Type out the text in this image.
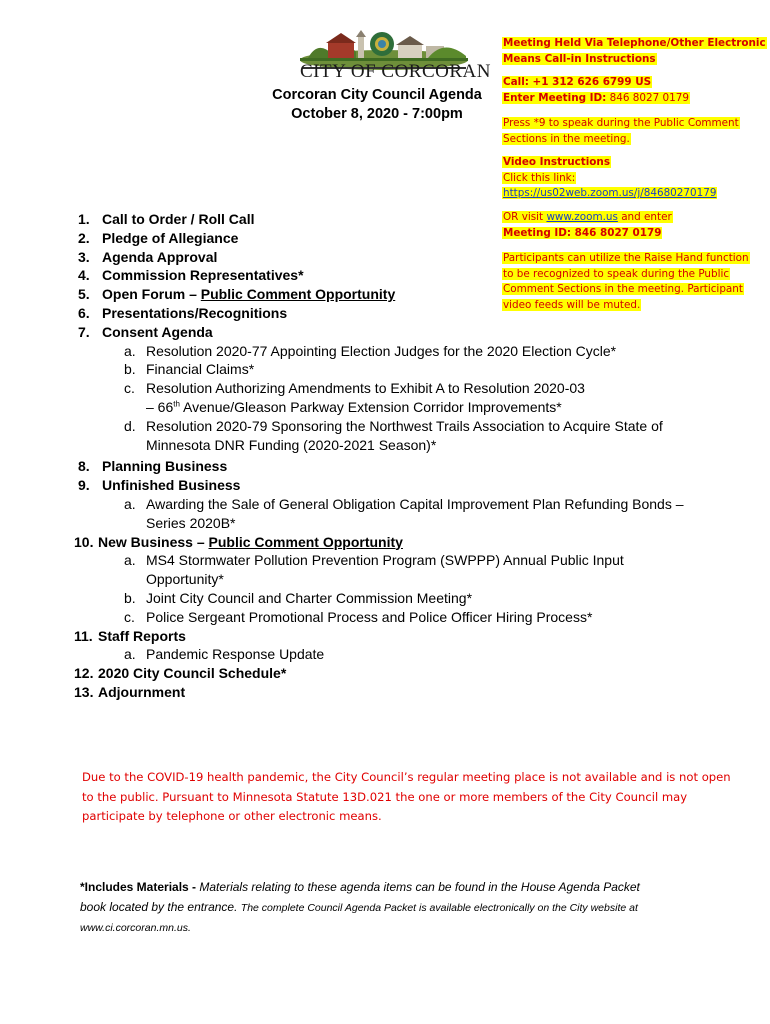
CITY OF CORCORAN
Corcoran City Council Agenda
October 8, 2020 - 7:00pm
Meeting Held Via Telephone/Other Electronic
Means Call-in Instructions
Call: +1 312 626 6799 US
Enter Meeting ID: 846 8027 0179
Press *9 to speak during the Public Comment
Sections in the meeting.
Video Instructions
Click this link:
https://us02web.zoom.us/j/84680270179
OR visit www.zoom.us and enter
Meeting ID: 846 8027 0179
Participants can utilize the Raise Hand function
to be recognized to speak during the Public
Comment Sections in the meeting. Participant
video feeds will be muted.
1. Call to Order / Roll Call
2. Pledge of Allegiance
3. Agenda Approval
4. Commission Representatives*
5. Open Forum – Public Comment Opportunity
6. Presentations/Recognitions
7. Consent Agenda
a. Resolution 2020-77 Appointing Election Judges for the 2020 Election Cycle*
b. Financial Claims*
c. Resolution Authorizing Amendments to Exhibit A to Resolution 2020-03
– 66th Avenue/Gleason Parkway Extension Corridor Improvements*
d. Resolution 2020-79 Sponsoring the Northwest Trails Association to Acquire State of
Minnesota DNR Funding (2020-2021 Season)*
8. Planning Business
9. Unfinished Business
a. Awarding the Sale of General Obligation Capital Improvement Plan Refunding Bonds –
Series 2020B*
10. New Business – Public Comment Opportunity
a. MS4 Stormwater Pollution Prevention Program (SWPPP) Annual Public Input
Opportunity*
b. Joint City Council and Charter Commission Meeting*
c. Police Sergeant Promotional Process and Police Officer Hiring Process*
11. Staff Reports
a. Pandemic Response Update
12. 2020 City Council Schedule*
13. Adjournment
Due to the COVID-19 health pandemic, the City Council’s regular meeting place is not available and is not open
to the public. Pursuant to Minnesota Statute 13D.021 the one or more members of the City Council may
participate by telephone or other electronic means.
*Includes Materials - Materials relating to these agenda items can be found in the House Agenda Packet
book located by the entrance. The complete Council Agenda Packet is available electronically on the City website at
www.ci.corcoran.mn.us.
